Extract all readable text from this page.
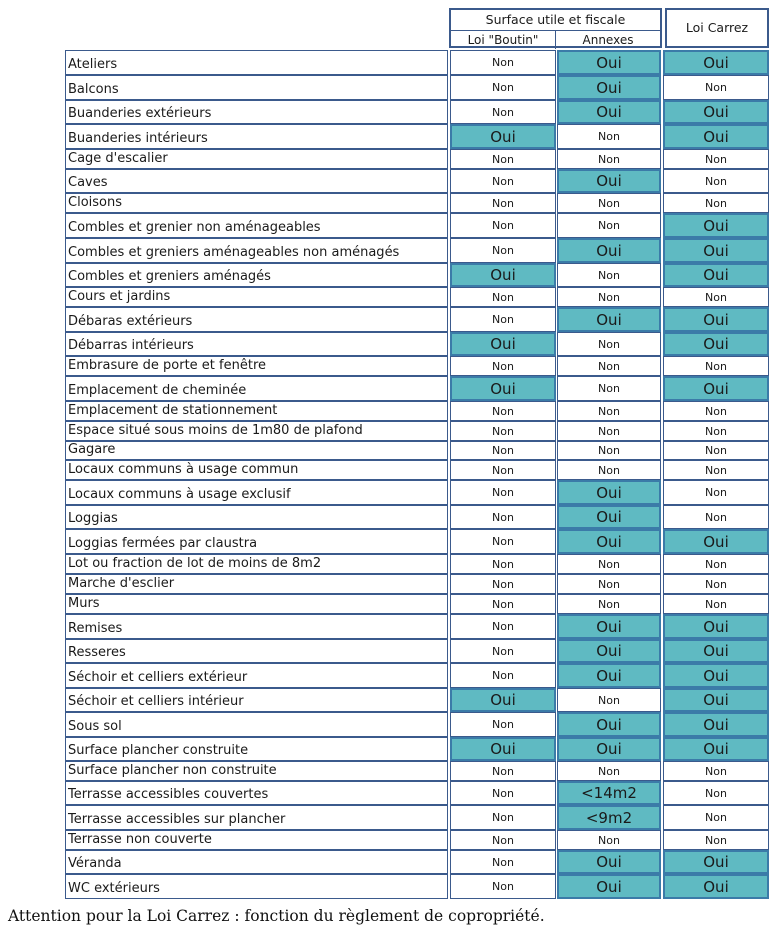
Surface utile et fiscale
Loi "Boutin"	Annexes
Loi Carrez
Ateliers	Non	Oui	Oui
Balcons	Non	Oui	Non
Buanderies extérieurs	Non	Oui	Oui
Buanderies intérieurs	Oui	Non	Oui
Cage d'escalier	Non	Non	Non
Caves	Non	Oui	Non
Cloisons	Non	Non	Non
Combles et grenier non aménageables	Non	Non	Oui
Combles et greniers aménageables non aménagés	Non	Oui	Oui
Combles et greniers aménagés	Oui	Non	Oui
Cours et jardins	Non	Non	Non
Débaras extérieurs	Non	Oui	Oui
Débarras intérieurs	Oui	Non	Oui
Embrasure de porte et fenêtre	Non	Non	Non
Emplacement de cheminée	Oui	Non	Oui
Emplacement de stationnement	Non	Non	Non
Espace situé sous moins de 1m80 de plafond	Non	Non	Non
Gagare	Non	Non	Non
Locaux communs à usage commun	Non	Non	Non
Locaux communs à usage exclusif	Non	Oui	Non
Loggias	Non	Oui	Non
Loggias fermées par claustra	Non	Oui	Oui
Lot ou fraction de lot de moins de 8m2	Non	Non	Non
Marche d'esclier	Non	Non	Non
Murs	Non	Non	Non
Remises	Non	Oui	Oui
Resseres	Non	Oui	Oui
Séchoir et celliers extérieur	Non	Oui	Oui
Séchoir et celliers intérieur	Oui	Non	Oui
Sous sol	Non	Oui	Oui
Surface plancher construite	Oui	Oui	Oui
Surface plancher non construite	Non	Non	Non
Terrasse accessibles couvertes	Non	<14m2	Non
Terrasse accessibles sur plancher	Non	<9m2	Non
Terrasse non couverte	Non	Non	Non
Véranda	Non	Oui	Oui
WC extérieurs	Non	Oui	Oui
Attention pour la Loi Carrez : fonction du règlement de copropriété.
